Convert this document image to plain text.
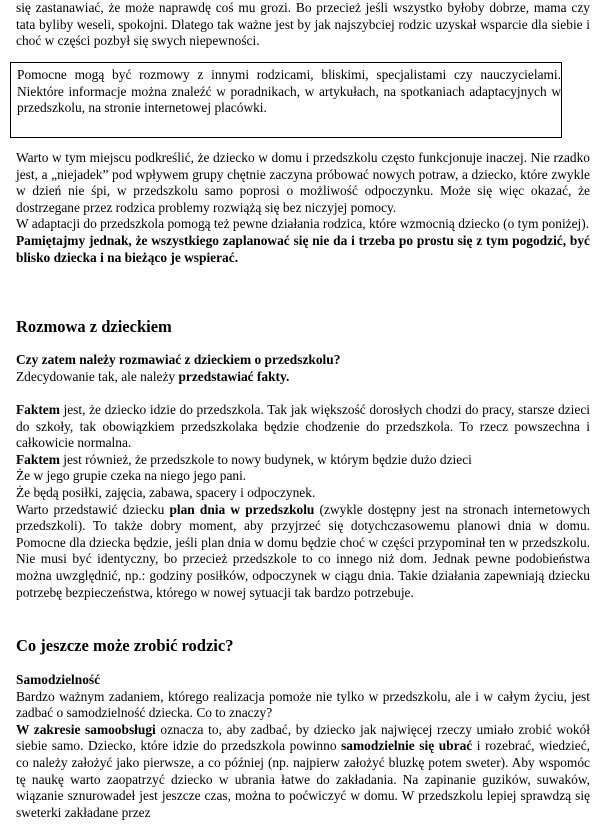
się zastanawiać, że może naprawdę coś mu grozi. Bo przecież jeśli wszystko byłoby dobrze, mama czy tata byliby weseli, spokojni. Dlatego tak ważne jest by jak najszybciej rodzic uzyskał wsparcie dla siebie i choć w części pozbył się swych niepewności.

Pomocne mogą być rozmowy z innymi rodzicami, bliskimi, specjalistami czy nauczycielami. Niektóre informacje można znaleźć w poradnikach, w artykułach, na spotkaniach adaptacyjnych w przedszkolu, na stronie internetowej placówki.
Warto w tym miejscu podkreślić, że dziecko w domu i przedszkolu często funkcjonuje inaczej. Nie rzadko jest, a „niejadek” pod wpływem grupy chętnie zaczyna próbować nowych potraw, a dziecko, które zwykle w dzień nie śpi, w przedszkolu samo poprosi o możliwość odpoczynku. Może się więc okazać, że dostrzegane przez rodzica problemy rozwiążą się bez niczyjej pomocy.
W adaptacji do przedszkola pomogą też pewne działania rodzica, które wzmocnią dziecko (o tym poniżej).
Pamiętajmy jednak, że wszystkiego zaplanować się nie da i trzeba po prostu się z tym pogodzić, być blisko dziecka i na bieżąco je wspierać.
Rozmowa z dzieckiem
Czy zatem należy rozmawiać z dzieckiem o przedszkolu?
Zdecydowanie tak, ale należy przedstawiać fakty.
Faktem jest, że dziecko idzie do przedszkola. Tak jak większość dorosłych chodzi do pracy, starsze dzieci do szkoły, tak obowiązkiem przedszkolaka będzie chodzenie do przedszkola. To rzecz powszechna i całkowicie normalna.
Faktem jest również, że przedszkole to nowy budynek, w którym będzie dużo dzieci
Że w jego grupie czeka na niego jego pani.
Że będą posiłki, zajęcia, zabawa, spacery i odpoczynek.
Warto przedstawić dziecku plan dnia w przedszkolu (zwykle dostępny jest na stronach internetowych przedszkoli). To także dobry moment, aby przyjrzeć się dotychczasowemu planowi dnia w domu. Pomocne dla dziecka będzie, jeśli plan dnia w domu będzie choć w części przypominał ten w przedszkolu. Nie musi być identyczny, bo przecież przedszkole to co innego niż dom. Jednak pewne podobieństwa można uwzględnić, np.: godziny posiłków, odpoczynek w ciągu dnia. Takie działania zapewniają dziecku potrzebę bezpieczeństwa, którego w nowej sytuacji tak bardzo potrzebuje.
Co jeszcze może zrobić rodzic?
Samodzielność
Bardzo ważnym zadaniem, którego realizacja pomoże nie tylko w przedszkolu, ale i w całym życiu, jest zadbać o samodzielność dziecka. Co to znaczy?
W zakresie samoobsługi oznacza to, aby zadbać, by dziecko jak najwięcej rzeczy umiało zrobić wokół siebie samo. Dziecko, które idzie do przedszkola powinno samodzielnie się ubrać i rozebrać, wiedzieć, co należy założyć jako pierwsze, a co później (np. najpierw założyć bluzkę potem sweter). Aby wspomóc tę naukę warto zaopatrzyć dziecko w ubrania łatwe do zakładania. Na zapinanie guzików, suwaków, wiązanie sznurowadeł jest jeszcze czas, można to poćwiczyć w domu. W przedszkolu lepiej sprawdzą się sweterki zakładane przez
